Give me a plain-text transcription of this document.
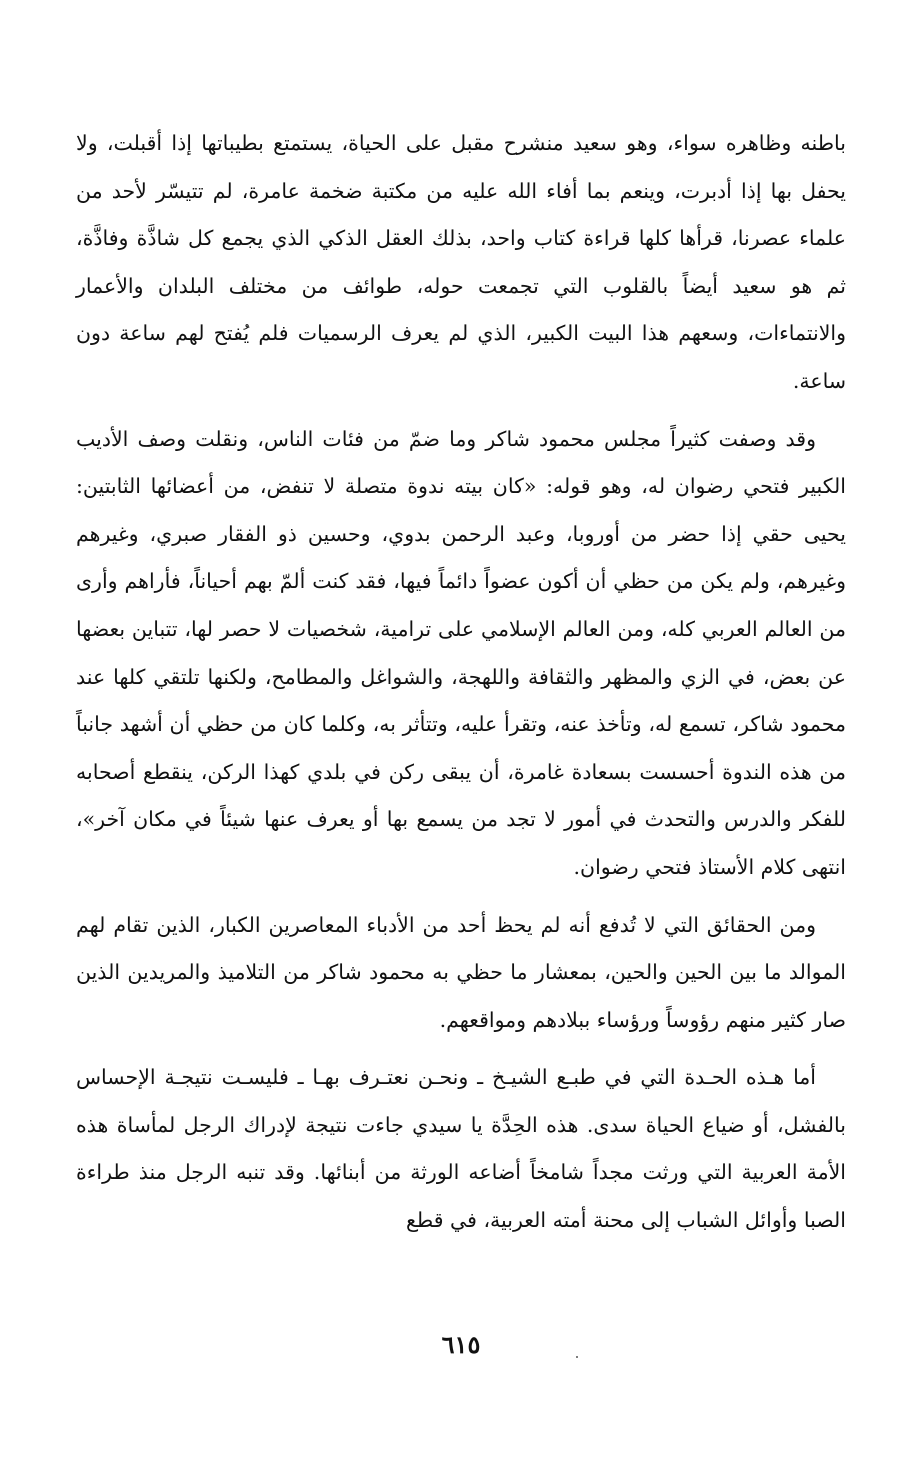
باطنه وظاهره سواء، وهو سعيد منشرح مقبل على الحياة، يستمتع بطيباتها إذا أقبلت، ولا يحفل بها إذا أدبرت، وينعم بما أفاء الله عليه من مكتبة ضخمة عامرة، لم تتيسّر لأحد من علماء عصرنا، قرأها كلها قراءة كتاب واحد، بذلك العقل الذكي الذي يجمع كل شاذَّة وفاذَّة، ثم هو سعيد أيضاً بالقلوب التي تجمعت حوله، طوائف من مختلف البلدان والأعمار والانتماءات، وسعهم هذا البيت الكبير، الذي لم يعرف الرسميات فلم يُفتح لهم ساعة دون ساعة.

وقد وصفت كثيراً مجلس محمود شاكر وما ضمّ من فئات الناس، ونقلت وصف الأديب الكبير فتحي رضوان له، وهو قوله: «كان بيته ندوة متصلة لا تنفض، من أعضائها الثابتين: يحيى حقي إذا حضر من أوروبا، وعبد الرحمن بدوي، وحسين ذو الفقار صبري، وغيرهم وغيرهم، ولم يكن من حظي أن أكون عضواً دائماً فيها، فقد كنت ألمّ بهم أحياناً، فأراهم وأرى من العالم العربي كله، ومن العالم الإسلامي على ترامية، شخصيات لا حصر لها، تتباين بعضها عن بعض، في الزي والمظهر والثقافة واللهجة، والشواغل والمطامح، ولكنها تلتقي كلها عند محمود شاكر، تسمع له، وتأخذ عنه، وتقرأ عليه، وتتأثر به، وكلما كان من حظي أن أشهد جانباً من هذه الندوة أحسست بسعادة غامرة، أن يبقى ركن في بلدي كهذا الركن، ينقطع أصحابه للفكر والدرس والتحدث في أمور لا تجد من يسمع بها أو يعرف عنها شيئاً في مكان آخر»، انتهى كلام الأستاذ فتحي رضوان.

ومن الحقائق التي لا تُدفع أنه لم يحظ أحد من الأدباء المعاصرين الكبار، الذين تقام لهم الموالد ما بين الحين والحين، بمعشار ما حظي به محمود شاكر من التلاميذ والمريدين الذين صار كثير منهم رؤوساً ورؤساء ببلادهم ومواقعهم.

أما هـذه الحـدة التي في طبـع الشيـخ ـ ونحـن نعتـرف بهـا ـ فليسـت نتيجـة الإحساس بالفشل، أو ضياع الحياة سدى. هذه الحِدَّة يا سيدي جاءت نتيجة لإدراك الرجل لمأساة هذه الأمة العربية التي ورثت مجداً شامخاً أضاعه الورثة من أبنائها. وقد تنبه الرجل منذ طراءة الصبا وأوائل الشباب إلى محنة أمته العربية، في قطع

٦١٥
